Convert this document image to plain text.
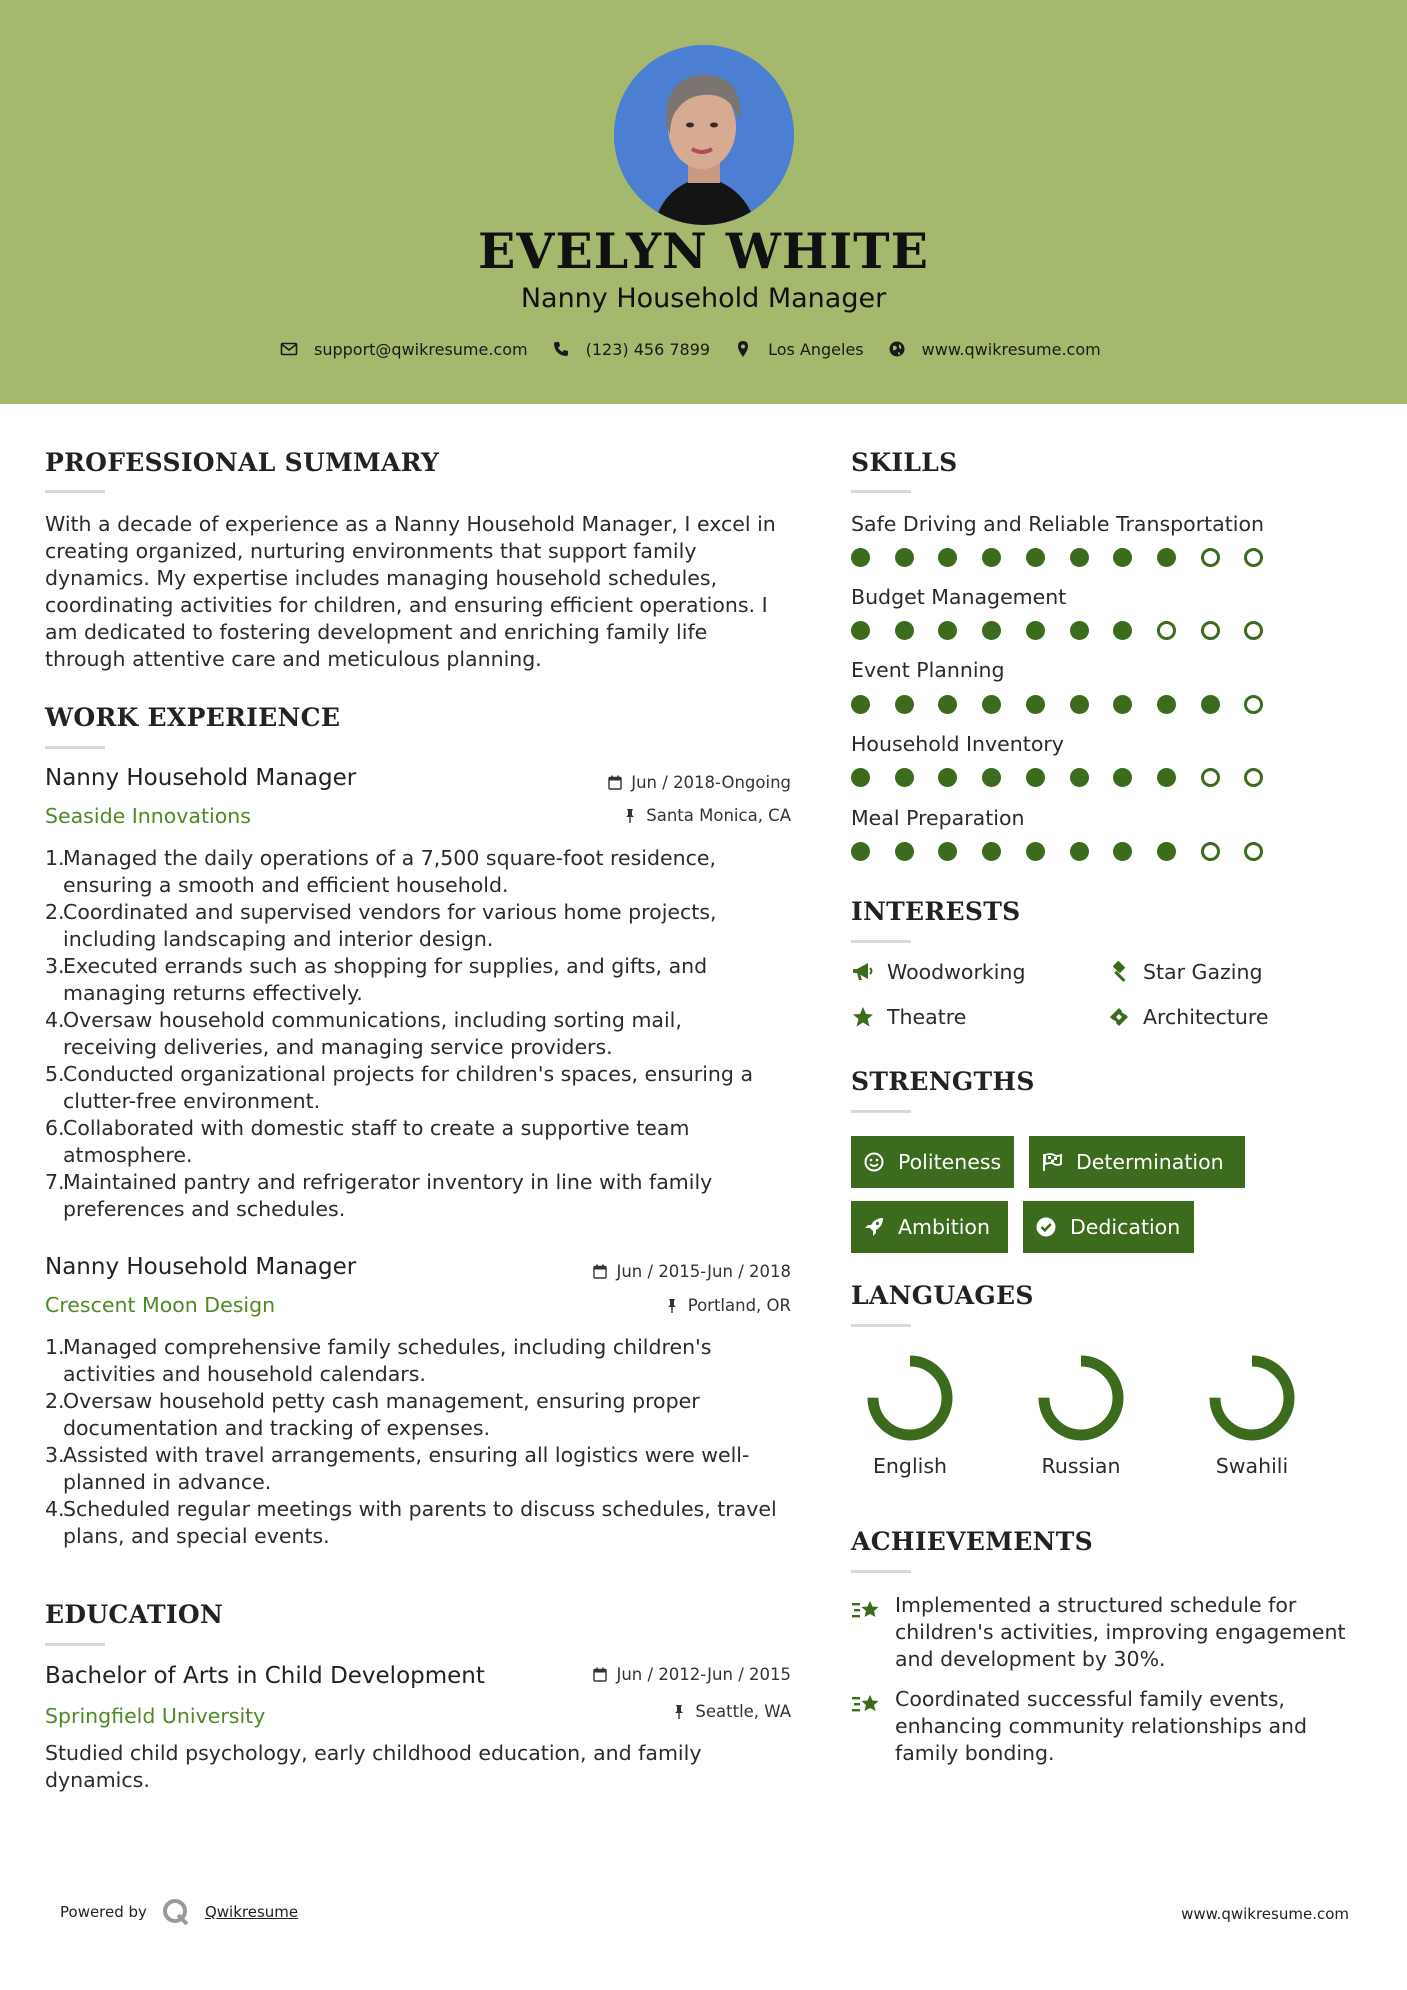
EVELYN WHITE
Nanny Household Manager
support@qwikresume.com	(123) 456 7899	Los Angeles	www.qwikresume.com
PROFESSIONAL SUMMARY
With a decade of experience as a Nanny Household Manager, I excel in
creating organized, nurturing environments that support family
dynamics. My expertise includes managing household schedules,
coordinating activities for children, and ensuring efficient operations. I
am dedicated to fostering development and enriching family life
through attentive care and meticulous planning.
WORK EXPERIENCE
Nanny Household Manager	Jun / 2018-Ongoing
Seaside Innovations	Santa Monica, CA
1.
Managed the daily operations of a 7,500 square-foot residence,
ensuring a smooth and efficient household.
2.
Coordinated and supervised vendors for various home projects,
including landscaping and interior design.
3.
Executed errands such as shopping for supplies, and gifts, and
managing returns effectively.
4.
Oversaw household communications, including sorting mail,
receiving deliveries, and managing service providers.
5.
Conducted organizational projects for children's spaces, ensuring a
clutter-free environment.
6.
Collaborated with domestic staff to create a supportive team
atmosphere.
7.
Maintained pantry and refrigerator inventory in line with family
preferences and schedules.
Nanny Household Manager	Jun / 2015-Jun / 2018
Crescent Moon Design	Portland, OR
1.
Managed comprehensive family schedules, including children's
activities and household calendars.
2.
Oversaw household petty cash management, ensuring proper
documentation and tracking of expenses.
3.
Assisted with travel arrangements, ensuring all logistics were well-
planned in advance.
4.
Scheduled regular meetings with parents to discuss schedules, travel
plans, and special events.
EDUCATION
Bachelor of Arts in Child Development	Jun / 2012-Jun / 2015
Springfield University	Seattle, WA
Studied child psychology, early childhood education, and family
dynamics.
SKILLS
Safe Driving and Reliable Transportation
Budget Management
Event Planning
Household Inventory
Meal Preparation
INTERESTS
Woodworking	Star Gazing
Theatre	Architecture
STRENGTHS
Politeness	Determination
Ambition	Dedication
LANGUAGES
English	Russian	Swahili
ACHIEVEMENTS
Implemented a structured schedule for
children's activities, improving engagement
and development by 30%.
Coordinated successful family events,
enhancing community relationships and
family bonding.
Powered by	Qwikresume	www.qwikresume.com
